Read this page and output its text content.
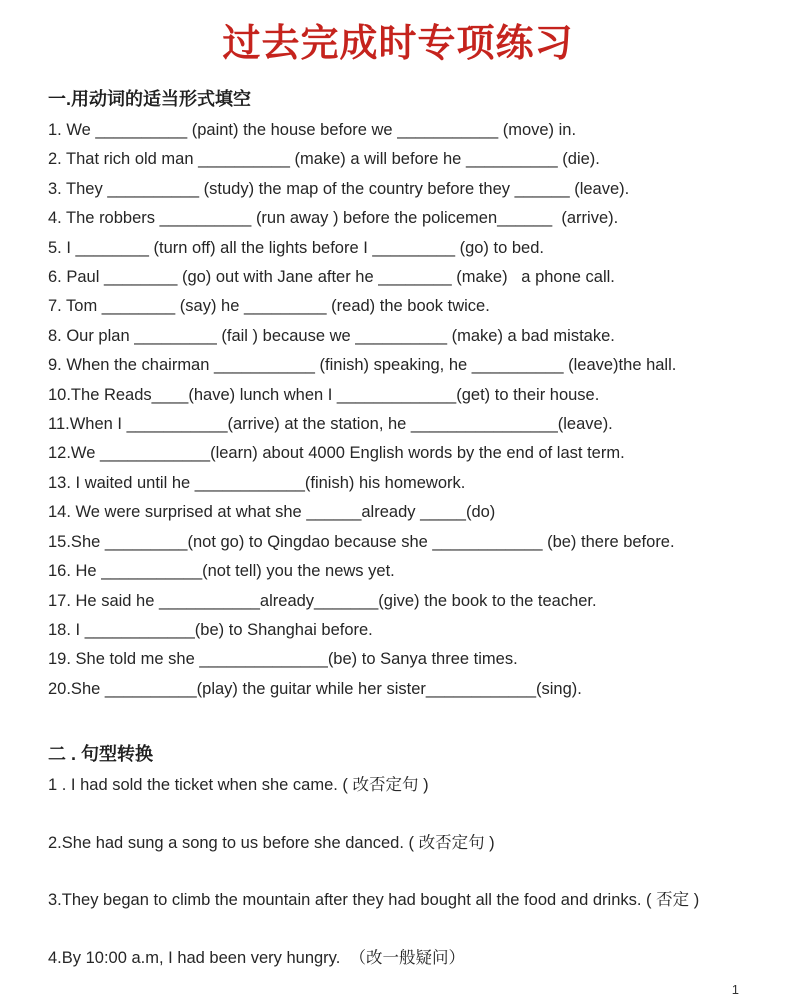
过去完成时专项练习
一.用动词的适当形式填空
1. We __________ (paint) the house before we ___________ (move) in.
2. That rich old man __________ (make) a will before he __________ (die).
3. They __________ (study) the map of the country before they ______ (leave).
4. The robbers __________ (run away ) before the policemen______  (arrive).
5. I ________ (turn off) all the lights before I _________ (go) to bed.
6. Paul ________ (go) out with Jane after he ________ (make)   a phone call.
7. Tom ________ (say) he _________ (read) the book twice.
8. Our plan _________ (fail ) because we __________ (make) a bad mistake.
9. When the chairman ___________ (finish) speaking, he __________ (leave)the hall.
10.The Reads____(have) lunch when I _____________(get) to their house.
11.When I ___________(arrive) at the station, he ________________(leave).
12.We ____________(learn) about 4000 English words by the end of last term.
13. I waited until he ____________(finish) his homework.
14. We were surprised at what she ______already _____(do)
15.She _________(not go) to Qingdao because she ____________ (be) there before.
16. He ___________(not tell) you the news yet.
17. He said he ___________already_______(give) the book to the teacher.
18. I ____________(be) to Shanghai before.
19. She told me she ______________(be) to Sanya three times.
20.She __________(play) the guitar while her sister____________(sing).
二 . 句型转换
1 . I had sold the ticket when she came. ( 改否定句 )
2.She had sung a song to us before she danced. ( 改否定句 )
3.They began to climb the mountain after they had bought all the food and drinks. ( 否定 )
4.By 10:00 a.m, I had been very hungry.  （改一般疑问）
1
